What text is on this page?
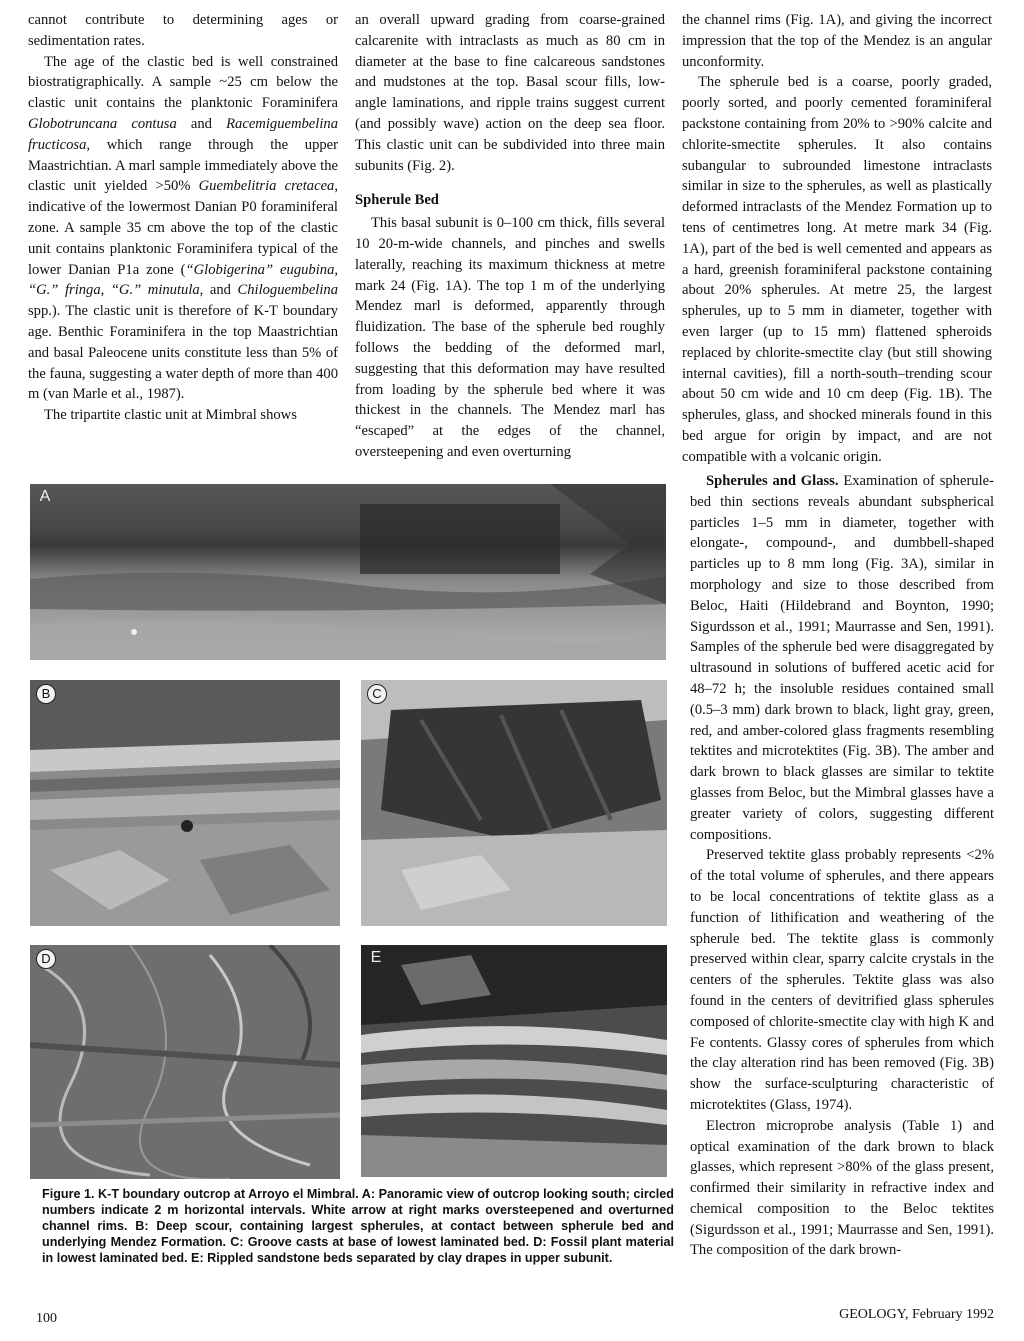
cannot contribute to determining ages or sedimentation rates.

The age of the clastic bed is well constrained biostratigraphically. A sample ~25 cm below the clastic unit contains the planktonic Foraminifera Globotruncana contusa and Racemiguembelina fructicosa, which range through the upper Maastrichtian. A marl sample immediately above the clastic unit yielded >50% Guembelitria cretacea, indicative of the lowermost Danian P0 foraminiferal zone. A sample 35 cm above the top of the clastic unit contains planktonic Foraminifera typical of the lower Danian P1a zone (“Globigerina” eugubina, “G.” fringa, “G.” minutula, and Chiloguembelina spp.). The clastic unit is therefore of K-T boundary age. Benthic Foraminifera in the top Maastrichtian and basal Paleocene units constitute less than 5% of the fauna, suggesting a water depth of more than 400 m (van Marle et al., 1987).

The tripartite clastic unit at Mimbral shows

an overall upward grading from coarse-grained calcarenite with intraclasts as much as 80 cm in diameter at the base to fine calcareous sandstones and mudstones at the top. Basal scour fills, low-angle laminations, and ripple trains suggest current (and possibly wave) action on the deep sea floor. This clastic unit can be subdivided into three main subunits (Fig. 2).

Spherule Bed

This basal subunit is 0–100 cm thick, fills several 10 20-m-wide channels, and pinches and swells laterally, reaching its maximum thickness at metre mark 24 (Fig. 1A). The top 1 m of the underlying Mendez marl is deformed, apparently through fluidization. The base of the spherule bed roughly follows the bedding of the deformed marl, suggesting that this deformation may have resulted from loading by the spherule bed where it was thickest in the channels. The Mendez marl has “escaped” at the edges of the channel, oversteepening and even overturning

the channel rims (Fig. 1A), and giving the incorrect impression that the top of the Mendez is an angular unconformity.

The spherule bed is a coarse, poorly graded, poorly sorted, and poorly cemented foraminiferal packstone containing from 20% to >90% calcite and chlorite-smectite spherules. It also contains subangular to subrounded limestone intraclasts similar in size to the spherules, as well as plastically deformed intraclasts of the Mendez Formation up to tens of centimetres long. At metre mark 34 (Fig. 1A), part of the bed is well cemented and appears as a hard, greenish foraminiferal packstone containing about 20% spherules. At metre 25, the largest spherules, up to 5 mm in diameter, together with even larger (up to 15 mm) flattened spheroids replaced by chlorite-smectite clay (but still showing internal cavities), fill a north-south–trending scour about 50 cm wide and 10 cm deep (Fig. 1B). The spherules, glass, and shocked minerals found in this bed argue for origin by impact, and are not compatible with a volcanic origin.

Spherules and Glass. Examination of spherule-bed thin sections reveals abundant subspherical particles 1–5 mm in diameter, together with elongate-, compound-, and dumbbell-shaped particles up to 8 mm long (Fig. 3A), similar in morphology and size to those described from Beloc, Haiti (Hildebrand and Boynton, 1990; Sigurdsson et al., 1991; Maurrasse and Sen, 1991). Samples of the spherule bed were disaggregated by ultrasound in solutions of buffered acetic acid for 48–72 h; the insoluble residues contained small (0.5–3 mm) dark brown to black, light gray, green, red, and amber-colored glass fragments resembling tektites and microtektites (Fig. 3B). The amber and dark brown to black glasses are similar to tektite glasses from Beloc, but the Mimbral glasses have a greater variety of colors, suggesting different compositions.

Preserved tektite glass probably represents <2% of the total volume of spherules, and there appears to be local concentrations of tektite glass as a function of lithification and weathering of the spherule bed. The tektite glass is commonly preserved within clear, sparry calcite crystals in the centers of the spherules. Tektite glass was also found in the centers of devitrified glass spherules composed of chlorite-smectite clay with high K and Fe contents. Glassy cores of spherules from which the clay alteration rind has been removed (Fig. 3B) show the surface-sculpturing characteristic of microtektites (Glass, 1974).

Electron microprobe analysis (Table 1) and optical examination of the dark brown to black glasses, which represent >80% of the glass present, confirmed their similarity in refractive index and chemical composition to the Beloc tektites (Sigurdsson et al., 1991; Maurrasse and Sen, 1991). The composition of the dark brown-

A
B	C
D	E
Figure 1. K-T boundary outcrop at Arroyo el Mimbral. A: Panoramic view of outcrop looking south; circled numbers indicate 2 m horizontal intervals. White arrow at right marks oversteepened and overturned channel rims. B: Deep scour, containing largest spherules, at contact between spherule bed and underlying Mendez Formation. C: Groove casts at base of lowest laminated bed. D: Fossil plant material in lowest laminated bed. E: Rippled sandstone beds separated by clay drapes in upper subunit.
100	GEOLOGY, February 1992
